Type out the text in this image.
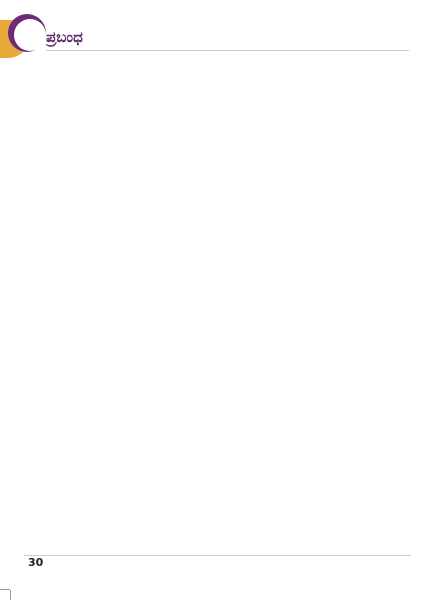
ಪ್ರಬಂಧ

30
